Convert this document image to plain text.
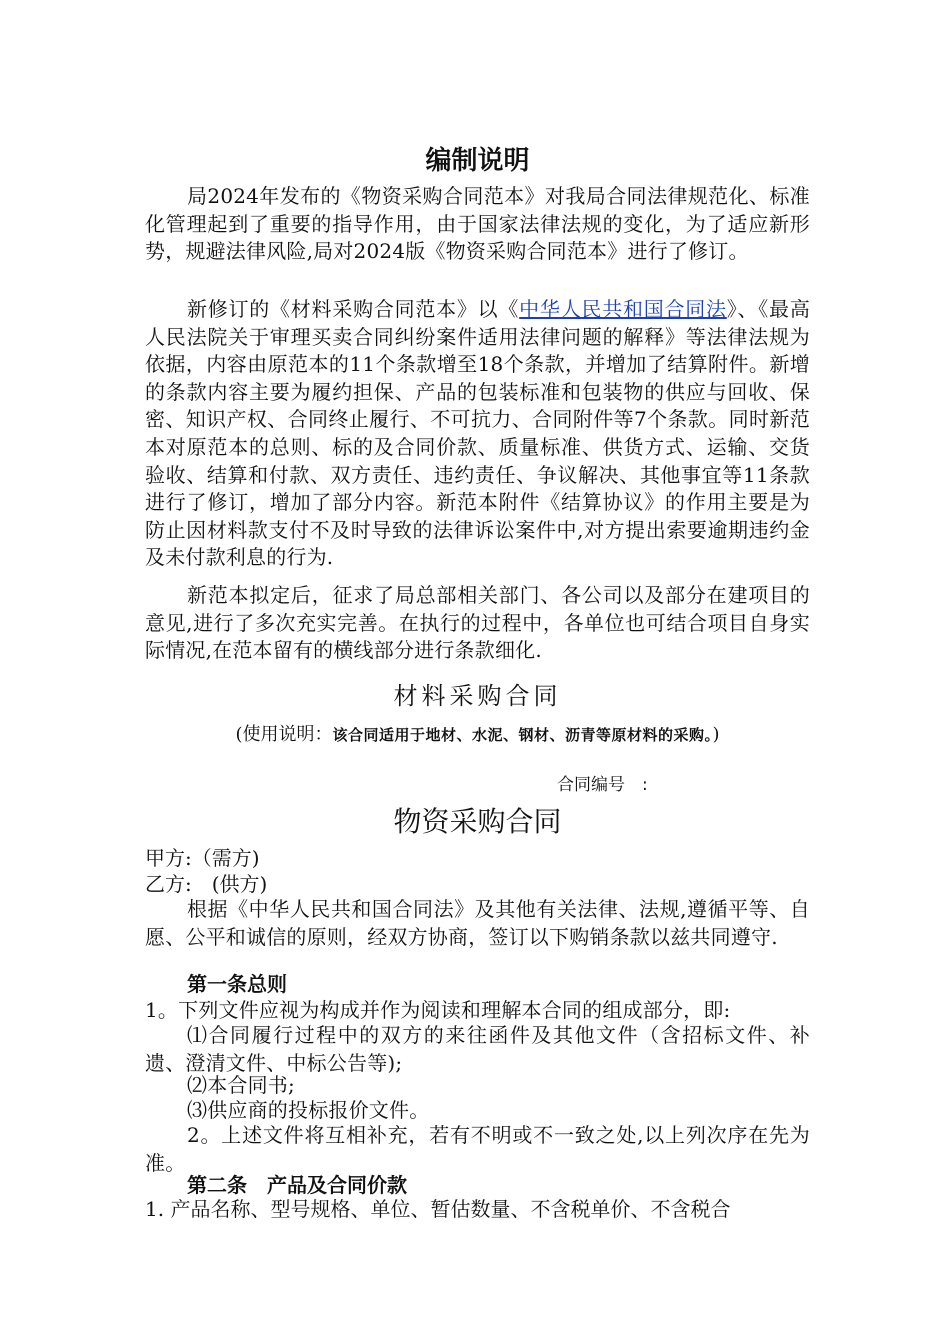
编制说明
局2024年发布的《物资采购合同范本》对我局合同法律规范化、标准化管理起到了重要的指导作用，由于国家法律法规的变化，为了适应新形势，规避法律风险,局对2024版《物资采购合同范本》进行了修订。
新修订的《材料采购合同范本》以《中华人民共和国合同法》、《最高人民法院关于审理买卖合同纠纷案件适用法律问题的解释》等法律法规为依据，内容由原范本的11个条款增至18个条款，并增加了结算附件。新增的条款内容主要为履约担保、产品的包装标准和包装物的供应与回收、保密、知识产权、合同终止履行、不可抗力、合同附件等7个条款。同时新范本对原范本的总则、标的及合同价款、质量标准、供货方式、运输、交货验收、结算和付款、双方责任、违约责任、争议解决、其他事宜等11条款进行了修订，增加了部分内容。新范本附件《结算协议》的作用主要是为防止因材料款支付不及时导致的法律诉讼案件中,对方提出索要逾期违约金及未付款利息的行为.
新范本拟定后，征求了局总部相关部门、各公司以及部分在建项目的意见,进行了多次充实完善。在执行的过程中，各单位也可结合项目自身实际情况,在范本留有的横线部分进行条款细化.
材料采购合同
(使用说明：该合同适用于地材、水泥、钢材、沥青等原材料的采购。)
合同编号　:
物资采购合同
甲方:（需方)
乙方:　(供方)
根据《中华人民共和国合同法》及其他有关法律、法规,遵循平等、自愿、公平和诚信的原则，经双方协商，签订以下购销条款以兹共同遵守.
第一条总则
1。下列文件应视为构成并作为阅读和理解本合同的组成部分，即:
⑴合同履行过程中的双方的来往函件及其他文件（含招标文件、补遗、澄清文件、中标公告等);
⑵本合同书;
⑶供应商的投标报价文件。
2。上述文件将互相补充，若有不明或不一致之处,以上列次序在先为准。
第二条　产品及合同价款
1. 产品名称、型号规格、单位、暂估数量、不含税单价、不含税合
